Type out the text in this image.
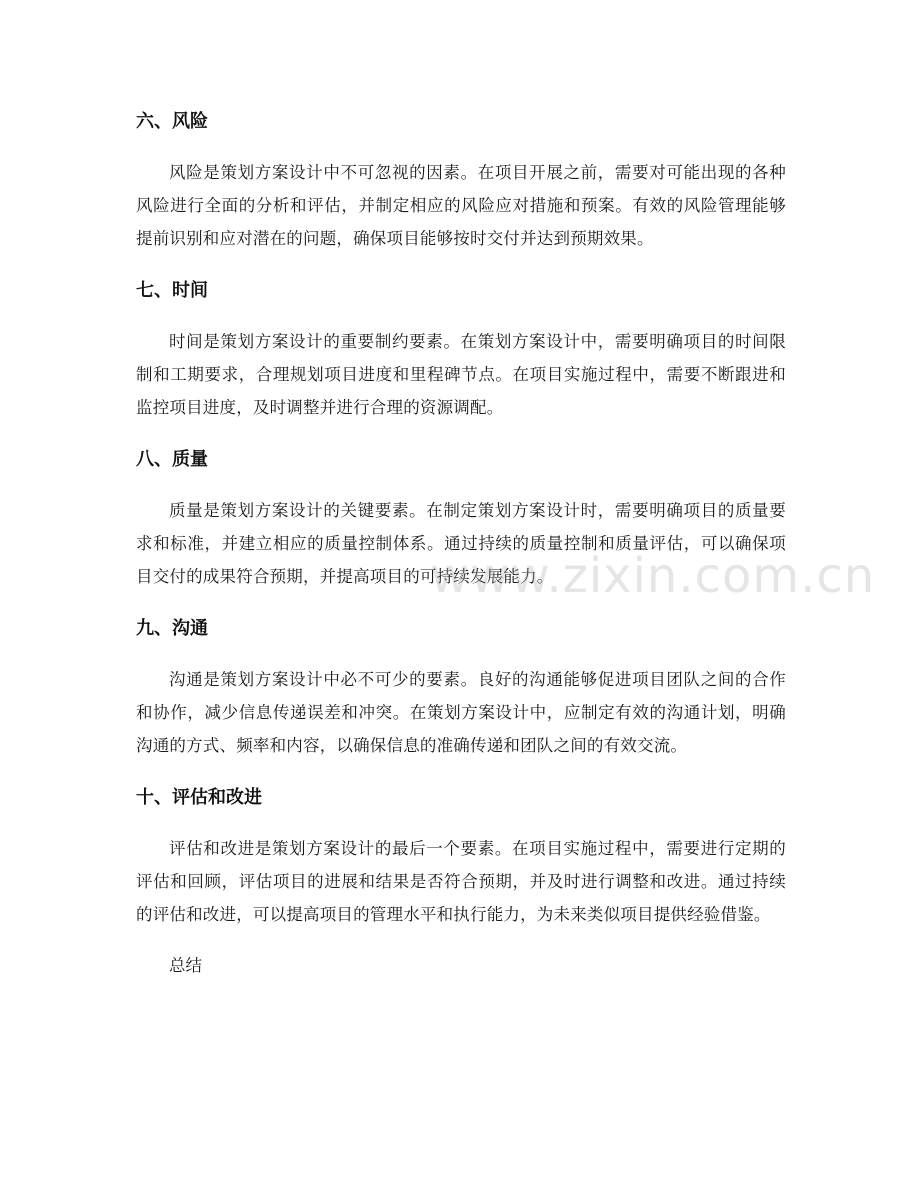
六、风险

风险是策划方案设计中不可忽视的因素。在项目开展之前，需要对可能出现的各种风险进行全面的分析和评估，并制定相应的风险应对措施和预案。有效的风险管理能够提前识别和应对潜在的问题，确保项目能够按时交付并达到预期效果。

七、时间

时间是策划方案设计的重要制约要素。在策划方案设计中，需要明确项目的时间限制和工期要求，合理规划项目进度和里程碑节点。在项目实施过程中，需要不断跟进和监控项目进度，及时调整并进行合理的资源调配。

八、质量

质量是策划方案设计的关键要素。在制定策划方案设计时，需要明确项目的质量要求和标准，并建立相应的质量控制体系。通过持续的质量控制和质量评估，可以确保项目交付的成果符合预期，并提高项目的可持续发展能力。

九、沟通

沟通是策划方案设计中必不可少的要素。良好的沟通能够促进项目团队之间的合作和协作，减少信息传递误差和冲突。在策划方案设计中，应制定有效的沟通计划，明确沟通的方式、频率和内容，以确保信息的准确传递和团队之间的有效交流。

十、评估和改进

评估和改进是策划方案设计的最后一个要素。在项目实施过程中，需要进行定期的评估和回顾，评估项目的进展和结果是否符合预期，并及时进行调整和改进。通过持续的评估和改进，可以提高项目的管理水平和执行能力，为未来类似项目提供经验借鉴。

总结

www.zixin.com.cn
